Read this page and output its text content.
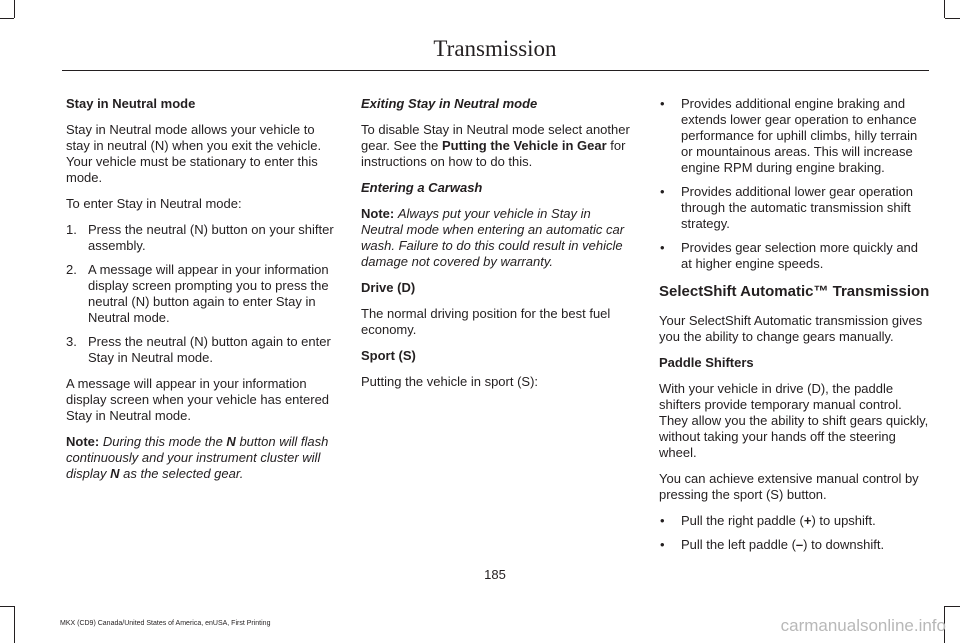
Transmission

Stay in Neutral mode

Stay in Neutral mode allows your vehicle to stay in neutral (N) when you exit the vehicle. Your vehicle must be stationary to enter this mode.

To enter Stay in Neutral mode:

1. Press the neutral (N) button on your shifter assembly.
2. A message will appear in your information display screen prompting you to press the neutral (N) button again to enter Stay in Neutral mode.
3. Press the neutral (N) button again to enter Stay in Neutral mode.

A message will appear in your information display screen when your vehicle has entered Stay in Neutral mode.

Note: During this mode the N button will flash continuously and your instrument cluster will display N as the selected gear.

Exiting Stay in Neutral mode

To disable Stay in Neutral mode select another gear. See the Putting the Vehicle in Gear for instructions on how to do this.

Entering a Carwash

Note: Always put your vehicle in Stay in Neutral mode when entering an automatic car wash. Failure to do this could result in vehicle damage not covered by warranty.

Drive (D)

The normal driving position for the best fuel economy.

Sport (S)

Putting the vehicle in sport (S):

• Provides additional engine braking and extends lower gear operation to enhance performance for uphill climbs, hilly terrain or mountainous areas. This will increase engine RPM during engine braking.
• Provides additional lower gear operation through the automatic transmission shift strategy.
• Provides gear selection more quickly and at higher engine speeds.
SelectShift Automatic™ Transmission

Your SelectShift Automatic transmission gives you the ability to change gears manually.

Paddle Shifters

With your vehicle in drive (D), the paddle shifters provide temporary manual control. They allow you the ability to shift gears quickly, without taking your hands off the steering wheel.

You can achieve extensive manual control by pressing the sport (S) button.

• Pull the right paddle (+) to upshift.
• Pull the left paddle (–) to downshift.
185
MKX (CD9) Canada/United States of America, enUSA, First Printing	carmanualsonline.info
